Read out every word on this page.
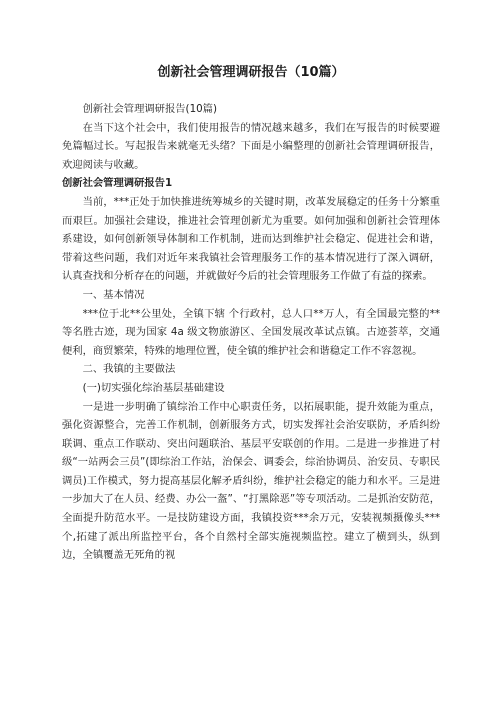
创新社会管理调研报告（10篇）

创新社会管理调研报告(10篇)

在当下这个社会中，我们使用报告的情况越来越多，我们在写报告的时候要避免篇幅过长。写起报告来就毫无头绪？下面是小编整理的创新社会管理调研报告，欢迎阅读与收藏。

创新社会管理调研报告1

当前，***正处于加快推进统筹城乡的关键时期，改革发展稳定的任务十分繁重而艰巨。加强社会建设，推进社会管理创新尤为重要。如何加强和创新社会管理体系建设，如何创新领导体制和工作机制，进而达到维护社会稳定、促进社会和谐，带着这些问题，我们对近年来我镇社会管理服务工作的基本情况进行了深入调研，认真查找和分析存在的问题，并就做好今后的社会管理服务工作做了有益的探索。

一、基本情况

***位于北**公里处，全镇下辖 个行政村，总人口**万人，有全国最完整的**等名胜古迹，现为国家 4a 级文物旅游区、全国发展改革试点镇。古迹荟萃，交通便利，商贸繁荣，特殊的地理位置，使全镇的维护社会和谐稳定工作不容忽视。

二、我镇的主要做法

(一)切实强化综治基层基础建设

一是进一步明确了镇综治工作中心职责任务，以拓展职能，提升效能为重点，强化资源整合，完善工作机制，创新服务方式，切实发挥社会治安联防，矛盾纠纷联调、重点工作联动、突出问题联治、基层平安联创的作用。二是进一步推进了村级“一站两会三员”(即综治工作站，治保会、调委会，综治协调员、治安员、专职民调员)工作模式，努力提高基层化解矛盾纠纷，维护社会稳定的能力和水平。三是进一步加大了在人员、经费、办公一盔”、“打黑除恶”等专项活动。二是抓治安防范，全面提升防范水平。一是技防建设方面，我镇投资***余万元，安装视频摄像头***个,拓建了派出所监控平台，各个自然村全部实施视频监控。建立了横到头，纵到边，全镇覆盖无死角的视
